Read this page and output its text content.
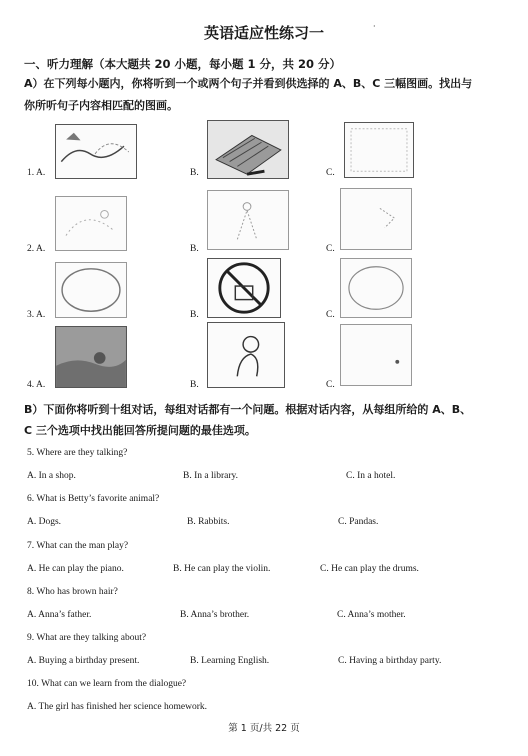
·
英语适应性练习一
一、听力理解（本大题共 20 小题，每小题 1 分，共 20 分）
A）在下列每小题内，你将听到一个或两个句子并看到供选择的 A、B、C 三幅图画。找出与
你所听句子内容相匹配的图画。
1. A.	B.	C.
2. A.	B.	C.
3. A.	B.	C.
4. A.	B.	C.
B）下面你将听到十组对话，每组对话都有一个问题。根据对话内容，从每组所给的 A、B、
C 三个选项中找出能回答所提问题的最佳选项。
5. Where are they talking?
A. In a shop.	B. In a library.	C. In a hotel.
6. What is Betty’s favorite animal?
A. Dogs.	B. Rabbits.	C. Pandas.
7. What can the man play?
A. He can play the piano.	B. He can play the violin.	C. He can play the drums.
8. Who has brown hair?
A. Anna’s father.	B. Anna’s brother.	C. Anna’s mother.
9. What are they talking about?
A. Buying a birthday present.	B. Learning English.	C. Having a birthday party.
10. What can we learn from the dialogue?
A. The girl has finished her science homework.
第 1 页/共 22 页
